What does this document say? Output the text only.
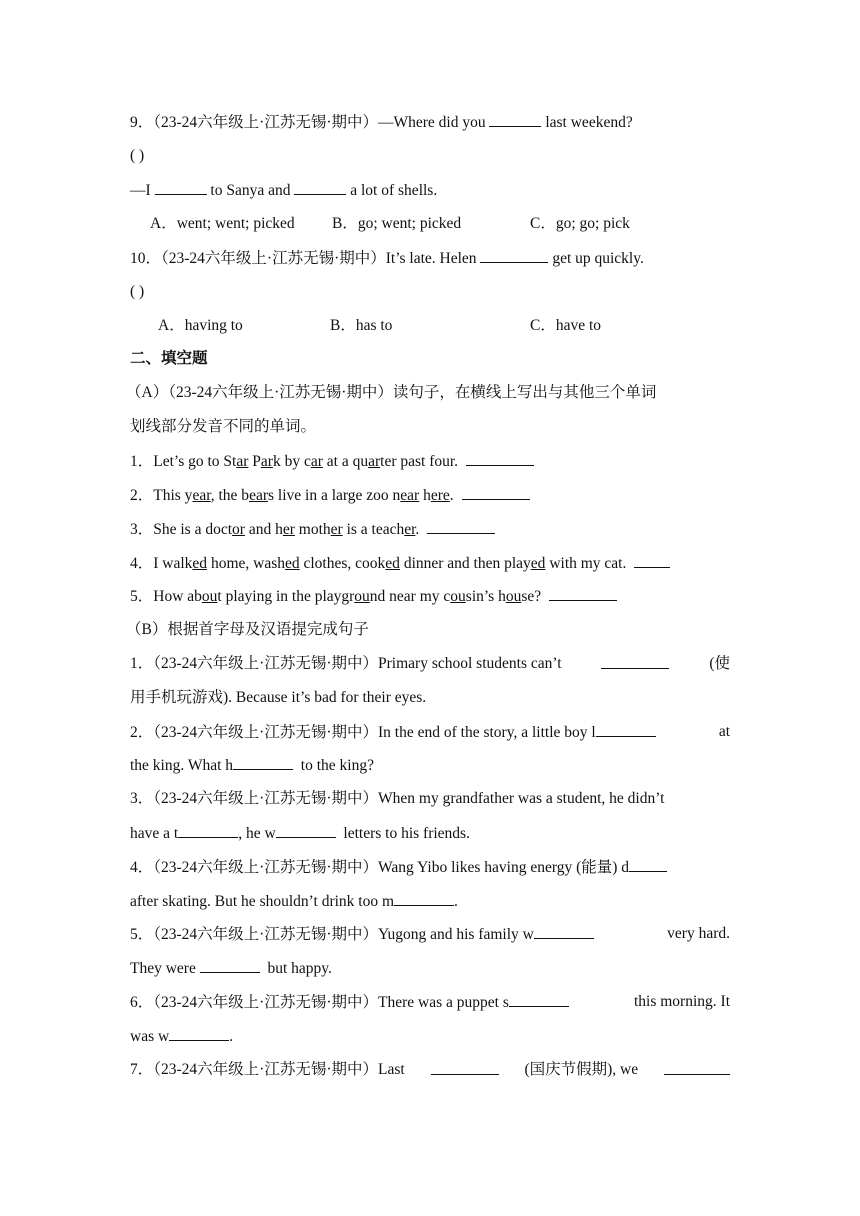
9．（23-24六年级上·江苏无锡·期中）—Where did you	last weekend?
( )
—I	to Sanya and	a lot of shells.
A．went; went; picked B．go; went; picked	C．go; go; pick
10．（23-24六年级上·江苏无锡·期中）It’s late. Helen	get up quickly.
( )
A．having to	B．has to	C．have to
二、填空题
（A）（23-24六年级上·江苏无锡·期中）读句子，在横线上写出与其他三个单词
划线部分发音不同的单词。
1．Let’s go to Star Park by car at a quarter past four.
2．This year, the bears live in a large zoo near here.
3．She is a doctor and her mother is a teacher.
4．I walked home, washed clothes, cooked dinner and then played with my cat.
5．How about playing in the playground near my cousin’s house?
（B）根据首字母及汉语提完成句子
1．（23-24六年级上·江苏无锡·期中）Primary school students can’t	(使
用手机玩游戏). Because it’s bad for their eyes.
2．（23-24六年级上·江苏无锡·期中）In the end of the story, a little boy l	at
the king. What h	to the king?
3．（23-24六年级上·江苏无锡·期中）When my grandfather was a student, he didn’t
have a t	, he w	letters to his friends.
4．（23-24六年级上·江苏无锡·期中）Wang Yibo likes having energy (能量) d
after skating. But he shouldn’t drink too m	.
5．（23-24六年级上·江苏无锡·期中）Yugong and his family w	very hard.
They were	but happy.
6．（23-24六年级上·江苏无锡·期中）There was a puppet s	this morning. It
was w	.
7．（23-24六年级上·江苏无锡·期中）Last	(国庆节假期), we
